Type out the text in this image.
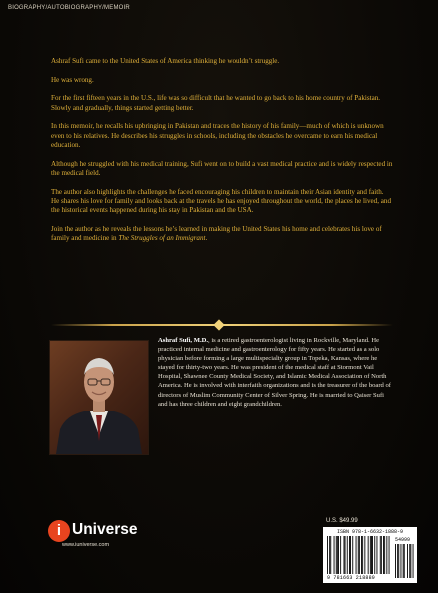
BIOGRAPHY/AUTOBIOGRAPHY/MEMOIR

Ashraf Sufi came to the United States of America thinking he wouldn’t struggle.

He was wrong.

For the first fifteen years in the U.S., life was so difficult that he wanted to go back to his home country of Pakistan. Slowly and gradually, things started getting better.

In this memoir, he recalls his upbringing in Pakistan and traces the history of his family—much of which is unknown even to his relatives. He describes his struggles in schools, including the obstacles he overcame to earn his medical education.

Although he struggled with his medical training, Sufi went on to build a vast medical practice and is widely respected in the medical field.

The author also highlights the challenges he faced encouraging his children to maintain their Asian identity and faith. He shares his love for family and looks back at the travels he has enjoyed throughout the world, the places he lived, and the historical events happened during his stay in Pakistan and the USA.

Join the author as he reveals the lessons he’s learned in making the United States his home and celebrates his love of family and medicine in The Struggles of an Immigrant.

Ashraf Sufi, M.D., is a retired gastroenterologist living in Rockville, Maryland. He practiced internal medicine and gastroenterology for fifty years. He started as a solo physician before forming a large multispecialty group in Topeka, Kansas, where he stayed for thirty-two years. He was president of the medical staff at Stormont Vail Hospital, Shawnee County Medical Society, and Islamic Medical Association of North America. He is involved with interfaith organizations and is the treasurer of the board of directors of Muslim Community Center of Silver Spring. He is married to Qaiser Sufi and has three children and eight grandchildren.
i Universe
www.iuniverse.com
U.S. $49.99
ISBN 978-1-6632-1888-9
54999
9 781663 218889
